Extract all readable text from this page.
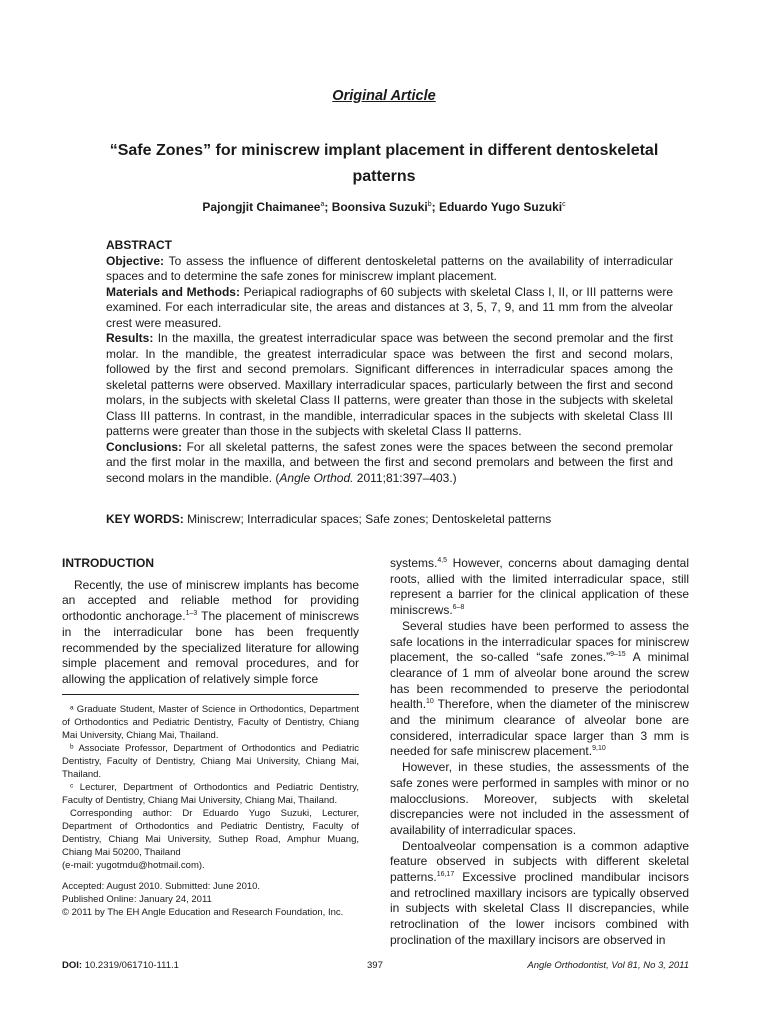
Original Article
“Safe Zones” for miniscrew implant placement in different dentoskeletal patterns
Pajongjit Chaimanee$^a$; Boonsiva Suzuki$^b$; Eduardo Yugo Suzuki$^c$

ABSTRACT

Objective: To assess the influence of different dentoskeletal patterns on the availability of interradicular spaces and to determine the safe zones for miniscrew implant placement.

Materials and Methods: Periapical radiographs of 60 subjects with skeletal Class I, II, or III patterns were examined. For each interradicular site, the areas and distances at 3, 5, 7, 9, and 11 mm from the alveolar crest were measured.

Results: In the maxilla, the greatest interradicular space was between the second premolar and the first molar. In the mandible, the greatest interradicular space was between the first and second molars, followed by the first and second premolars. Significant differences in interradicular spaces among the skeletal patterns were observed. Maxillary interradicular spaces, particularly between the first and second molars, in the subjects with skeletal Class II patterns, were greater than those in the subjects with skeletal Class III patterns. In contrast, in the mandible, interradicular spaces in the subjects with skeletal Class III patterns were greater than those in the subjects with skeletal Class II patterns.

Conclusions: For all skeletal patterns, the safest zones were the spaces between the second premolar and the first molar in the maxilla, and between the first and second premolars and between the first and second molars in the mandible. (Angle Orthod. 2011;81:397–403.)

KEY WORDS: Miniscrew; Interradicular spaces; Safe zones; Dentoskeletal patterns
INTRODUCTION

Recently, the use of miniscrew implants has become an accepted and reliable method for providing orthodontic anchorage.$^{1-3}$ The placement of miniscrews in the interradicular bone has been frequently recommended by the specialized literature for allowing simple placement and removal procedures, and for allowing the application of relatively simple force

ᵃ Graduate Student, Master of Science in Orthodontics, Department of Orthodontics and Pediatric Dentistry, Faculty of Dentistry, Chiang Mai University, Chiang Mai, Thailand.

ᵇ Associate Professor, Department of Orthodontics and Pediatric Dentistry, Faculty of Dentistry, Chiang Mai University, Chiang Mai, Thailand.

ᶜ Lecturer, Department of Orthodontics and Pediatric Dentistry, Faculty of Dentistry, Chiang Mai University, Chiang Mai, Thailand.

Corresponding author: Dr Eduardo Yugo Suzuki, Lecturer, Department of Orthodontics and Pediatric Dentistry, Faculty of Dentistry, Chiang Mai University, Suthep Road, Amphur Muang, Chiang Mai 50200, Thailand

(e-mail: yugotmdu@hotmail.com).

Accepted: August 2010. Submitted: June 2010.

Published Online: January 24, 2011

© 2011 by The EH Angle Education and Research Foundation, Inc.

systems.$^{4,5}$ However, concerns about damaging dental roots, allied with the limited interradicular space, still represent a barrier for the clinical application of these miniscrews.$^{6-8}$

Several studies have been performed to assess the safe locations in the interradicular spaces for miniscrew placement, the so-called “safe zones.”$^{9-15}$ A minimal clearance of 1 mm of alveolar bone around the screw has been recommended to preserve the periodontal health.$^{10}$ Therefore, when the diameter of the miniscrew and the minimum clearance of alveolar bone are considered, interradicular space larger than 3 mm is needed for safe miniscrew placement.$^{9,10}$

However, in these studies, the assessments of the safe zones were performed in samples with minor or no malocclusions. Moreover, subjects with skeletal discrepancies were not included in the assessment of availability of interradicular spaces.

Dentoalveolar compensation is a common adaptive feature observed in subjects with different skeletal patterns.$^{16,17}$ Excessive proclined mandibular incisors and retroclined maxillary incisors are typically observed in subjects with skeletal Class II discrepancies, while retroclination of the lower incisors combined with proclination of the maxillary incisors are observed in

DOI: 10.2319/061710-111.1	397	Angle Orthodontist, Vol 81, No 3, 2011
